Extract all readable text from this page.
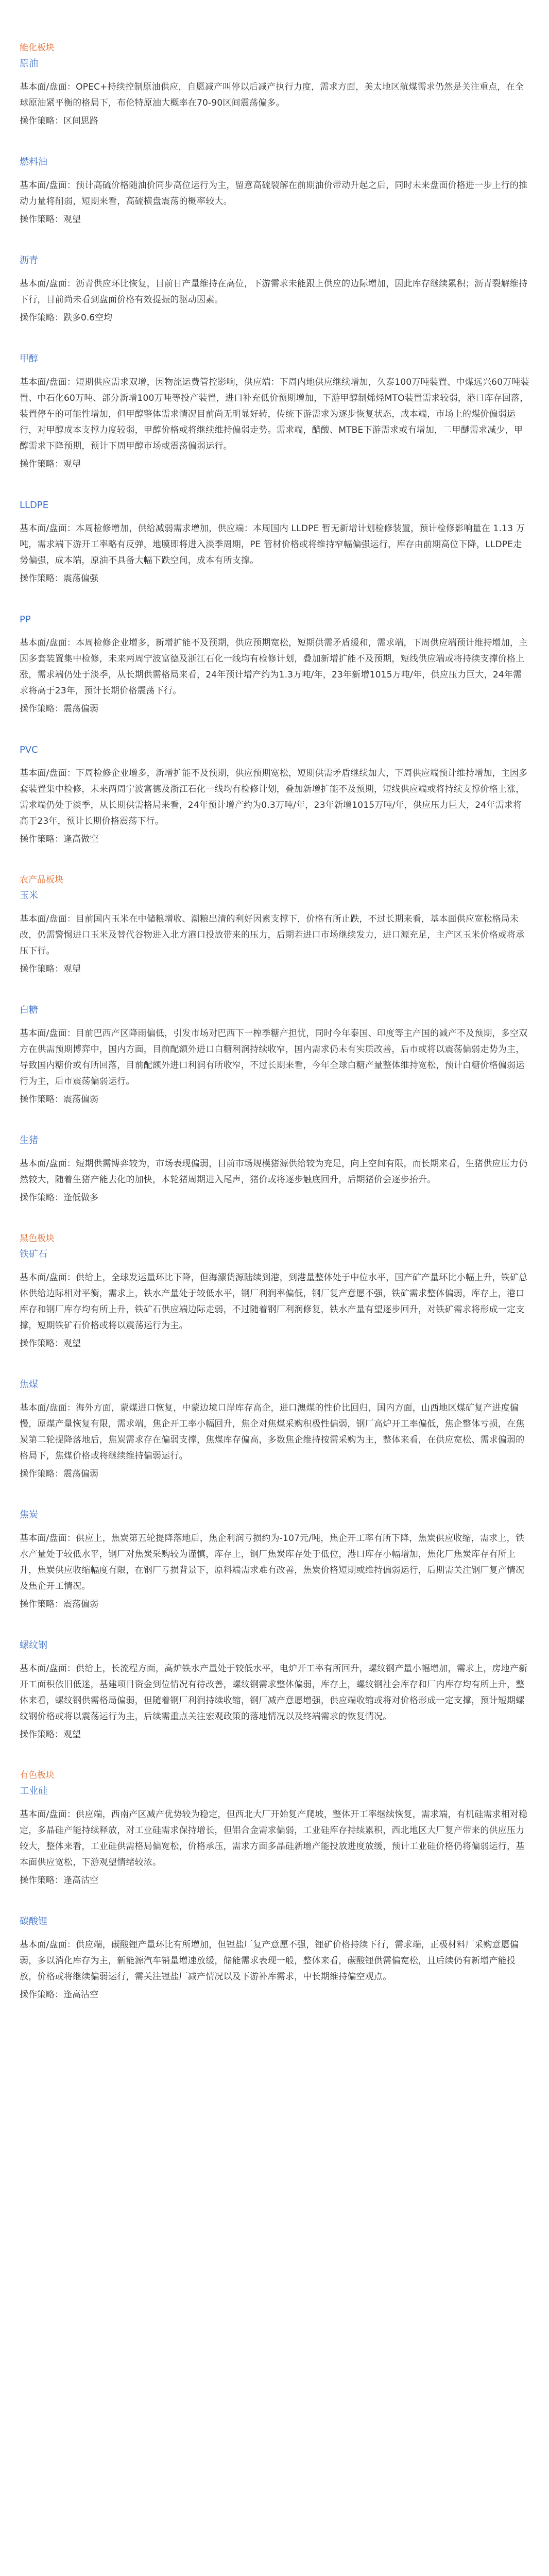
能化板块
原油

基本面/盘面：OPEC+持续控制原油供应，自愿减产叫停以后减产执行力度，需求方面，美太地区航煤需求仍然是关注重点，在全球原油紧平衡的格局下，布伦特原油大概率在70-90区间震荡偏多。

操作策略：区间思路

燃料油

基本面/盘面：预计高硫价格随油价同步高位运行为主，留意高硫裂解在前期油价带动升起之后，同时未来盘面价格进一步上行的推动力量将削弱，短期来看，高硫横盘震荡的概率较大。

操作策略：观望

沥青

基本面/盘面：沥青供应环比恢复，目前日产量维持在高位，下游需求未能跟上供应的边际增加，因此库存继续累积；沥青裂解维持下行，目前尚未看到盘面价格有效提振的驱动因素。

操作策略：跌多0.6空均

甲醇

基本面/盘面：短期供应需求双增，因物流运费管控影响，供应端：下周内地供应继续增加，久泰100万吨装置、中煤远兴60万吨装置、中石化60万吨、部分新增100万吨等投产装置，进口补充低价预期增加，下游甲醇制烯烃MTO装置需求较弱，港口库存回落，装置停车的可能性增加，但甲醇整体需求情况目前尚无明显好转，传统下游需求为逐步恢复状态，成本端，市场上的煤价偏弱运行，对甲醇成本支撑力度较弱，甲醇价格或将继续维持偏弱走势。需求端，醋酸、MTBE下游需求或有增加，二甲醚需求减少，甲醇需求下降预期，预计下周甲醇市场或震荡偏弱运行。

操作策略：观望

LLDPE

基本面/盘面：本周检修增加，供给减弱需求增加，供应端：本周国内 LLDPE 暂无新增计划检修装置，预计检修影响量在 1.13 万吨，需求端下游开工率略有反弹，地膜即将进入淡季周期，PE 管材价格或将维持窄幅偏强运行，库存由前期高位下降，LLDPE走势偏强，成本端，原油不具备大幅下跌空间，成本有所支撑。

操作策略：震荡偏强

PP

基本面/盘面：本周检修企业增多，新增扩能不及预期，供应预期宽松，短期供需矛盾缓和，需求端，下周供应端预计维持增加，主因多套装置集中检修，未来两周宁波富德及浙江石化一线均有检修计划，叠加新增扩能不及预期，短线供应端或将持续支撑价格上涨，需求端仍处于淡季，从长期供需格局来看，24年预计增产约为1.3万吨/年，23年新增1015万吨/年，供应压力巨大，24年需求将高于23年，预计长期价格震荡下行。

操作策略：震荡偏弱

PVC

基本面/盘面：下周检修企业增多，新增扩能不及预期，供应预期宽松，短期供需矛盾继续加大，下周供应端预计维持增加，主因多套装置集中检修，未来两周宁波富德及浙江石化一线均有检修计划，叠加新增扩能不及预期，短线供应端或将持续支撑价格上涨，需求端仍处于淡季，从长期供需格局来看，24年预计增产约为0.3万吨/年，23年新增1015万吨/年，供应压力巨大，24年需求将高于23年，预计长期价格震荡下行。

操作策略：逢高做空

农产品板块
玉米

基本面/盘面：目前国内玉米在中储粮增收、潮粮出清的利好因素支撑下，价格有所止跌，不过长期来看，基本面供应宽松格局未改，仍需警惕进口玉米及替代谷物进入北方港口投放带来的压力，后期若进口市场继续发力，进口源充足，主产区玉米价格或将承压下行。

操作策略：观望

白糖

基本面/盘面：目前巴西产区降雨偏低，引发市场对巴西下一榨季糖产担忧，同时今年泰国、印度等主产国的减产不及预期，多空双方在供需预期博弈中，国内方面，目前配额外进口白糖利润持续收窄，国内需求仍未有实质改善，后市或将以震荡偏弱走势为主，导致国内糖价或有所回落，目前配额外进口利润有所收窄，不过长期来看，今年全球白糖产量整体维持宽松，预计白糖价格偏弱运行为主，后市震荡偏弱运行。

操作策略：震荡偏弱

生猪

基本面/盘面：短期供需博弈较为，市场表现偏弱，目前市场规模猪源供给较为充足，向上空间有限，而长期来看，生猪供应压力仍然较大，随着生猪产能去化的加快，本轮猪周期进入尾声，猪价或将逐步触底回升，后期猪价会逐步抬升。

操作策略：逢低做多

黑色板块
铁矿石

基本面/盘面：供给上，全球发运量环比下降，但海漂货源陆续到港，到港量整体处于中位水平，国产矿产量环比小幅上升，铁矿总体供给边际相对平衡，需求上，铁水产量处于较低水平，钢厂利润率偏低，钢厂复产意愿不强，铁矿需求整体偏弱，库存上，港口库存和钢厂库存均有所上升，铁矿石供应端边际走弱，不过随着钢厂利润修复，铁水产量有望逐步回升，对铁矿需求将形成一定支撑，短期铁矿石价格或将以震荡运行为主。

操作策略：观望

焦煤

基本面/盘面：海外方面，蒙煤进口恢复，中蒙边境口岸库存高企，进口澳煤的性价比回归，国内方面，山西地区煤矿复产进度偏慢，原煤产量恢复有限，需求端，焦企开工率小幅回升，焦企对焦煤采购积极性偏弱，钢厂高炉开工率偏低，焦企整体亏损，在焦炭第二轮提降落地后，焦炭需求存在偏弱支撑，焦煤库存偏高，多数焦企维持按需采购为主，整体来看，在供应宽松、需求偏弱的格局下，焦煤价格或将继续维持偏弱运行。

操作策略：震荡偏弱

焦炭

基本面/盘面：供应上，焦炭第五轮提降落地后，焦企利润亏损约为-107元/吨，焦企开工率有所下降，焦炭供应收缩，需求上，铁水产量处于较低水平，钢厂对焦炭采购较为谨慎，库存上，钢厂焦炭库存处于低位，港口库存小幅增加，焦化厂焦炭库存有所上升，焦炭供应收缩幅度有限，在钢厂亏损背景下，原料端需求难有改善，焦炭价格短期或维持偏弱运行，后期需关注钢厂复产情况及焦企开工情况。

操作策略：震荡偏弱

螺纹钢

基本面/盘面：供给上，长流程方面，高炉铁水产量处于较低水平，电炉开工率有所回升，螺纹钢产量小幅增加，需求上，房地产新开工面积依旧低迷，基建项目资金到位情况有待改善，螺纹钢需求整体偏弱，库存上，螺纹钢社会库存和厂内库存均有所上升，整体来看，螺纹钢供需格局偏弱，但随着钢厂利润持续收缩，钢厂减产意愿增强，供应端收缩或将对价格形成一定支撑，预计短期螺纹钢价格或将以震荡运行为主，后续需重点关注宏观政策的落地情况以及终端需求的恢复情况。

操作策略：观望

有色板块
工业硅

基本面/盘面：供应端，西南产区减产优势较为稳定，但西北大厂开始复产爬坡，整体开工率继续恢复，需求端，有机硅需求相对稳定，多晶硅产能持续释放，对工业硅需求保持增长，但铝合金需求偏弱，工业硅库存持续累积，西北地区大厂复产带来的供应压力较大，整体来看，工业硅供需格局偏宽松，价格承压，需求方面多晶硅新增产能投放进度放缓，预计工业硅价格仍将偏弱运行，基本面供应宽松，下游观望情绪较浓。

操作策略：逢高沽空

碳酸锂

基本面/盘面：供应端，碳酸锂产量环比有所增加，但锂盐厂复产意愿不强，锂矿价格持续下行，需求端，正极材料厂采购意愿偏弱，多以消化库存为主，新能源汽车销量增速放缓，储能需求表现一般，整体来看，碳酸锂供需偏宽松，且后续仍有新增产能投放，价格或将继续偏弱运行，需关注锂盐厂减产情况以及下游补库需求，中长期维持偏空观点。

操作策略：逢高沽空
